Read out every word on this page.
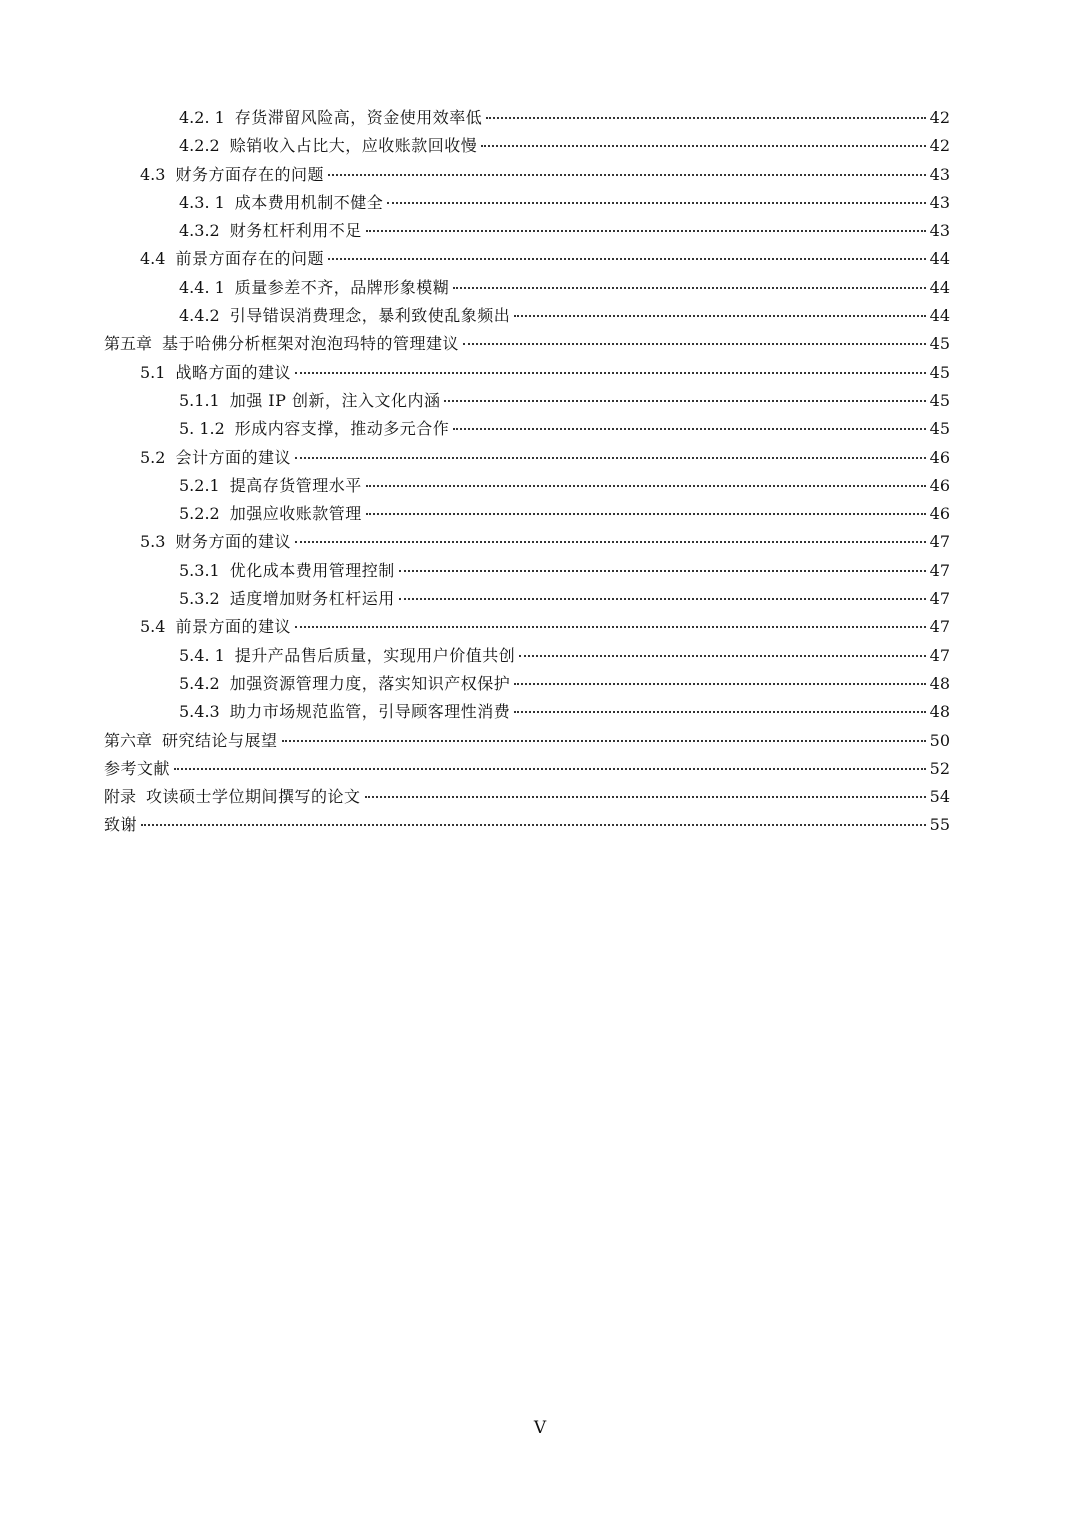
4.2. 1 存货滞留风险高，资金使用效率低	42
4.2.2 赊销收入占比大，应收账款回收慢	42
4.3 财务方面存在的问题	43
4.3. 1 成本费用机制不健全	43
4.3.2 财务杠杆利用不足	43
4.4 前景方面存在的问题	44
4.4. 1 质量参差不齐，品牌形象模糊	44
4.4.2 引导错误消费理念，暴利致使乱象频出	44
第五章 基于哈佛分析框架对泡泡玛特的管理建议	45
5.1 战略方面的建议	45
5.1.1 加强 IP 创新，注入文化内涵	45
5. 1.2 形成内容支撑，推动多元合作	45
5.2 会计方面的建议	46
5.2.1 提高存货管理水平	46
5.2.2 加强应收账款管理	46
5.3 财务方面的建议	47
5.3.1 优化成本费用管理控制	47
5.3.2 适度增加财务杠杆运用	47
5.4 前景方面的建议	47
5.4. 1 提升产品售后质量，实现用户价值共创	47
5.4.2 加强资源管理力度，落实知识产权保护	48
5.4.3 助力市场规范监管，引导顾客理性消费	48
第六章 研究结论与展望	50
参考文献	52
附录 攻读硕士学位期间撰写的论文	54
致谢	55
V
